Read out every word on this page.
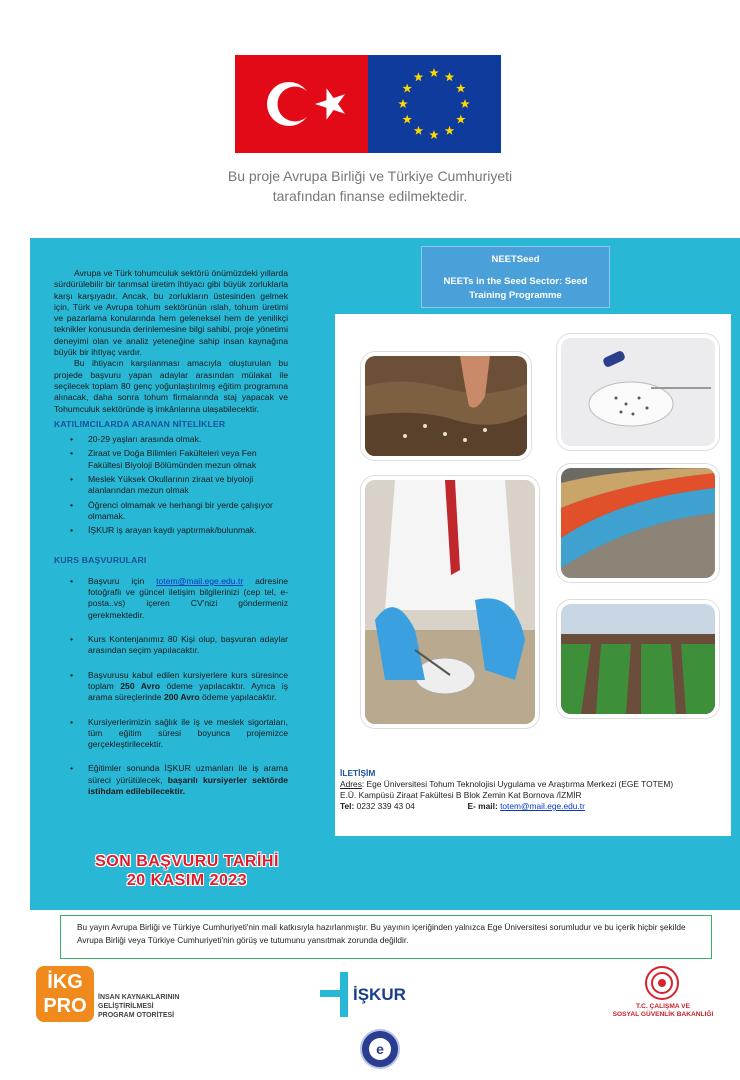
Bu proje Avrupa Birliği ve Türkiye Cumhuriyeti
tarafından finanse edilmektedir.

Avrupa ve Türk tohumculuk sektörü önümüzdeki yıllarda sürdürülebilir bir tarımsal üretim ihtiyacı gibi büyük zorluklarla karşı karşıyadır. Ancak, bu zorlukların üstesinden gelmek için, Türk ve Avrupa tohum sektörünün ıslah, tohum üretimi ve pazarlama konularında hem geleneksel hem de yenilikçi teknikler konusunda derinlemesine bilgi sahibi, proje yönetimi deneyimi olan ve analiz yeteneğine sahip insan kaynağına büyük bir ihtiyaç vardır.

Bu ihtiyacın karşılanması amacıyla oluşturulan bu projede başvuru yapan adaylar arasından mülakat ile seçilecek toplam 80 genç yoğunlaştırılmış eğitim programına alınacak, daha sonra tohum firmalarında staj yapacak ve Tohumculuk sektöründe iş imkânlarına ulaşabilecektir.

KATILIMCILARDA ARANAN NİTELİKLER
• 20-29 yaşları arasında olmak.
• Ziraat ve Doğa Bilimleri Fakülteleri veya Fen Fakültesi Biyoloji Bölümünden mezun olmak
• Meslek Yüksek Okullarının ziraat ve biyoloji alanlarından mezun olmak
• Öğrenci olmamak ve herhangi bir yerde çalışıyor olmamak.
• İŞKUR iş arayan kaydı yaptırmak/bulunmak.
KURS BAŞVURULARI
• Başvuru için totem@mail.ege.edu.tr adresine fotoğraflı ve güncel iletişim bilgilerinizi (cep tel, e-posta..vs) içeren CV'nizi göndermeniz gerekmektedir.
• Kurs Kontenjanımız 80 Kişi olup, başvuran adaylar arasından seçim yapılacaktır.
• Başvurusu kabul edilen kursiyerlere kurs süresince toplam 250 Avro ödeme yapılacaktır. Ayrıca iş arama süreçlerinde 200 Avro ödeme yapılacaktır.
• Kursiyerlerimizin sağlık ile iş ve meslek sigortaları, tüm eğitim süresi boyunca projemizce gerçekleştirilecektir.
• Eğitimler sonunda İŞKUR uzmanları ile iş arama süreci yürütülecek, başarılı kursiyerler sektörde istihdam edilebilecektir.
SON BAŞVURU TARİHİ
20 KASIM 2023
NEETSeed
NEETs in the Seed Sector: Seed Training Programme
İLETİŞİM
Adres: Ege Üniversitesi Tohum Teknolojisi Uygulama ve Araştırma Merkezi (EGE TOTEM)
E.Ü. Kampüsü Ziraat Fakültesi B Blok Zemin Kat Bornova /İZMİR
Tel: 0232 339 43 04	E- mail: totem@mail.ege.edu.tr
Bu yayın Avrupa Birliği ve Türkiye Cumhuriyeti'nin mali katkısıyla hazırlanmıştır. Bu yayının içeriğinden yalnızca Ege Üniversitesi sorumludur ve bu içerik hiçbir şekilde Avrupa Birliği veya Türkiye Cumhuriyeti'nin görüş ve tutumunu yansıtmak zorunda değildir.
İKG
PRO	İNSAN KAYNAKLARININ
GELİŞTİRİLMESİ
PROGRAM OTORİTESİ
İŞKUR
e
T.C. ÇALIŞMA VE
SOSYAL GÜVENLİK BAKANLIĞI
